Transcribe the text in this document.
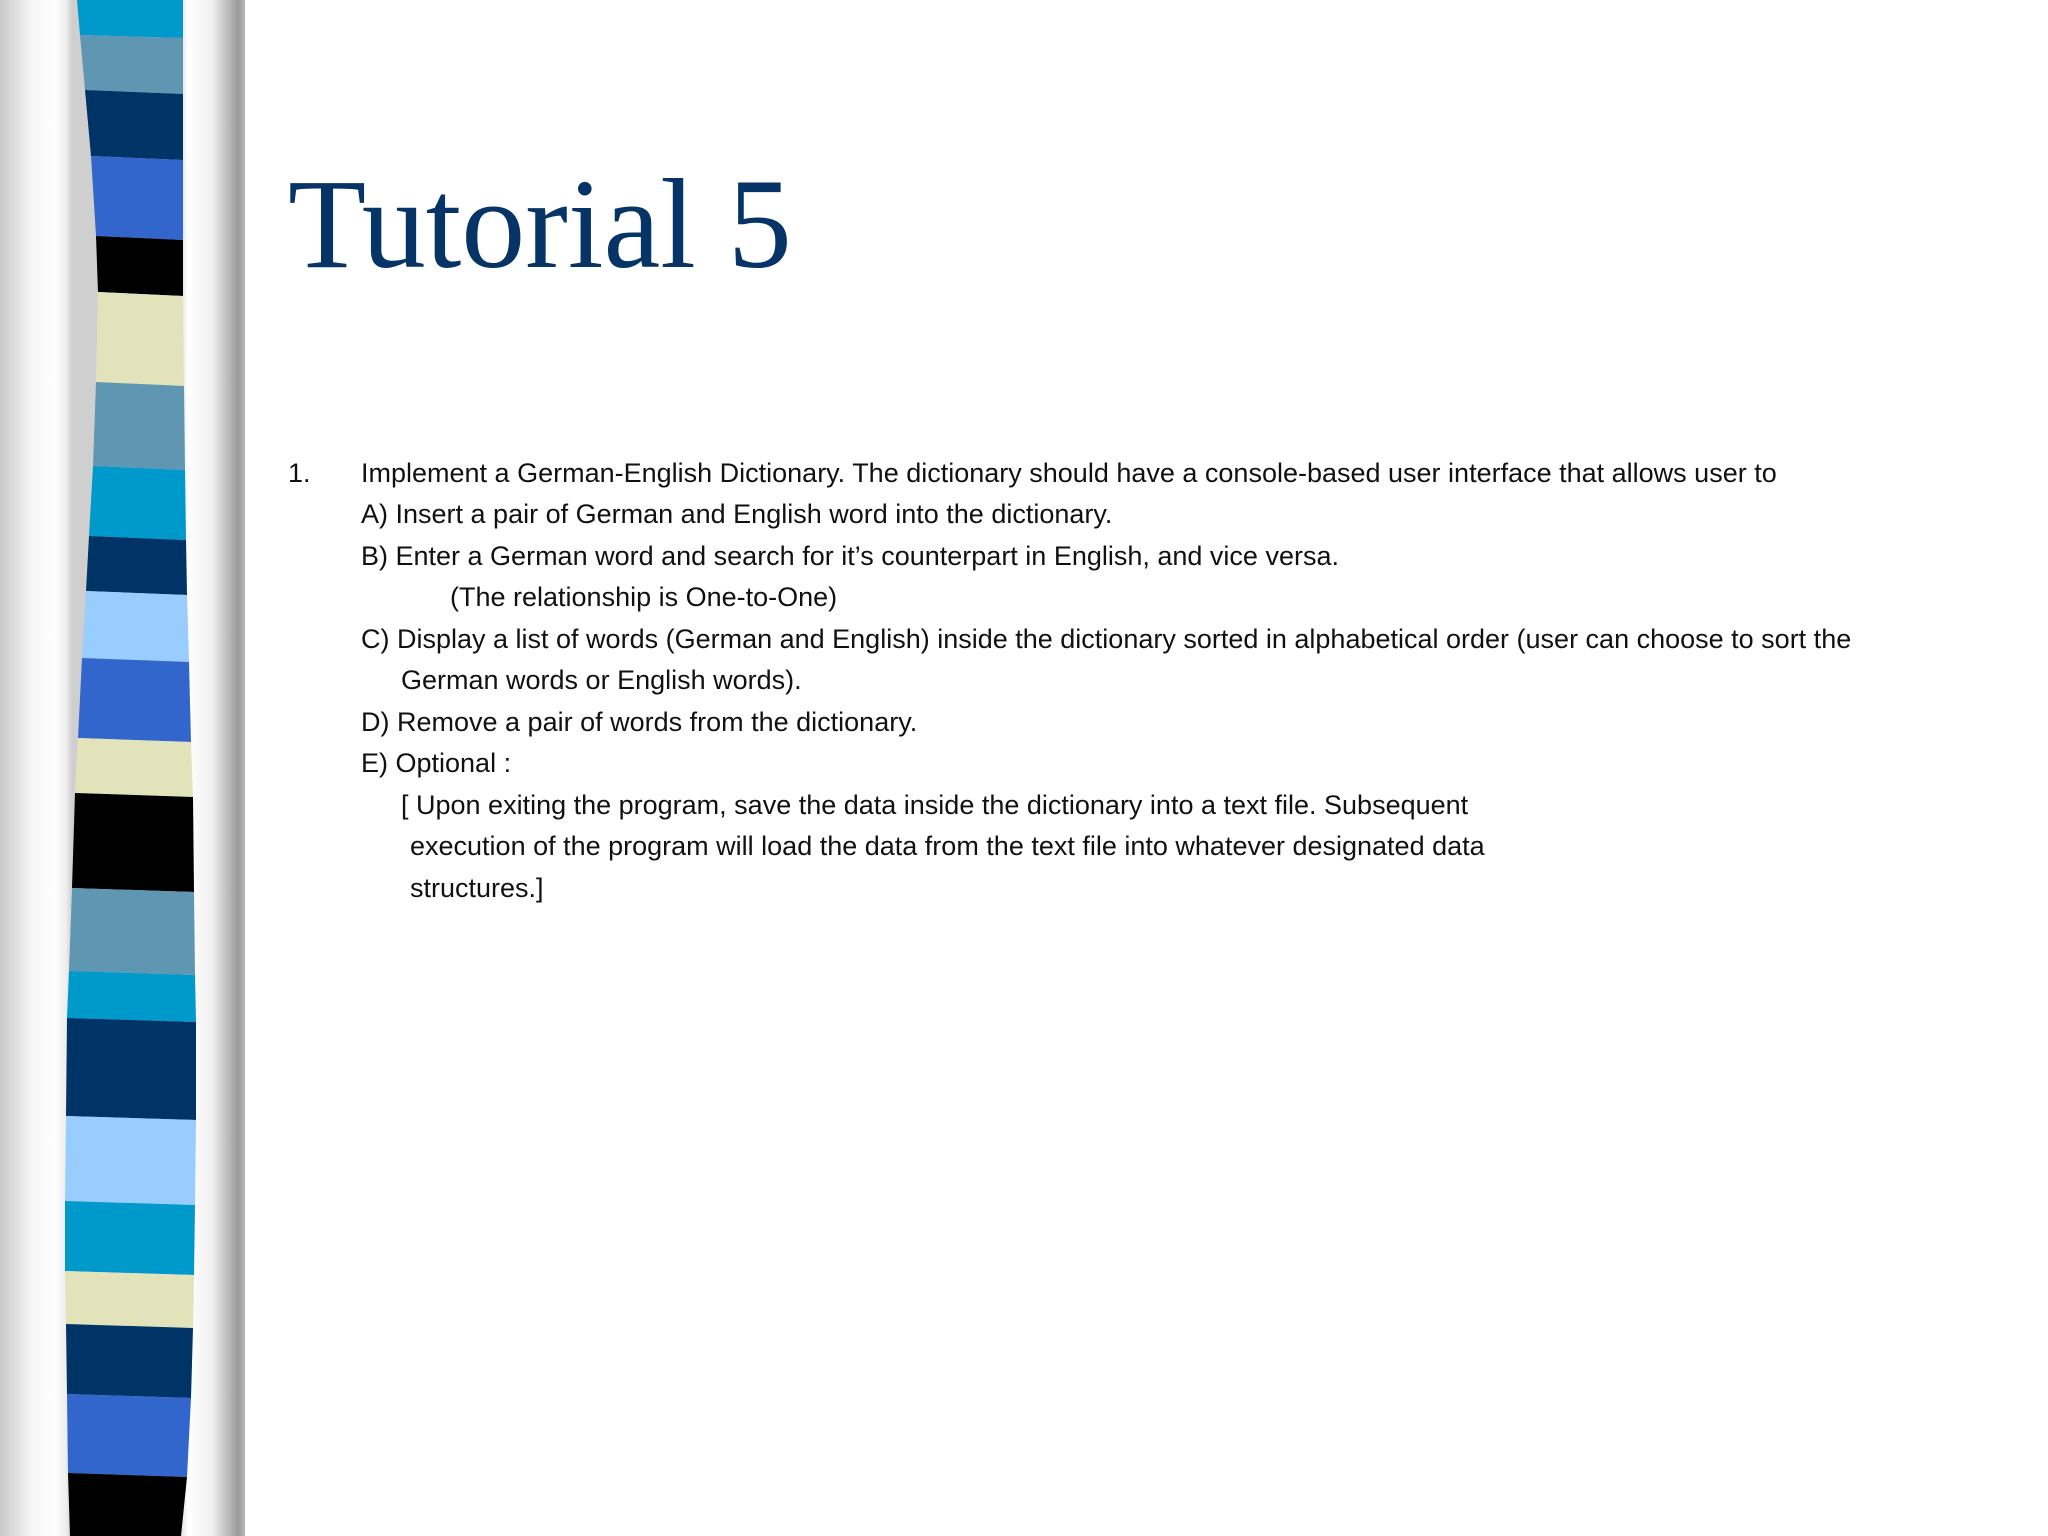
Tutorial 5
1. Implement a German-English Dictionary. The dictionary should have a console-based user interface that allows user to
A) Insert a pair of German and English word into the dictionary.
B) Enter a German word and search for it’s counterpart in English, and vice versa.
(The relationship is One-to-One)
C) Display a list of words (German and English) inside the dictionary sorted in alphabetical order (user can choose to sort the
German words or English words).
D) Remove a pair of words from the dictionary.
E) Optional :
[ Upon exiting the program, save the data inside the dictionary into a text file. Subsequent
execution of the program will load the data from the text file into whatever designated data
structures.]
